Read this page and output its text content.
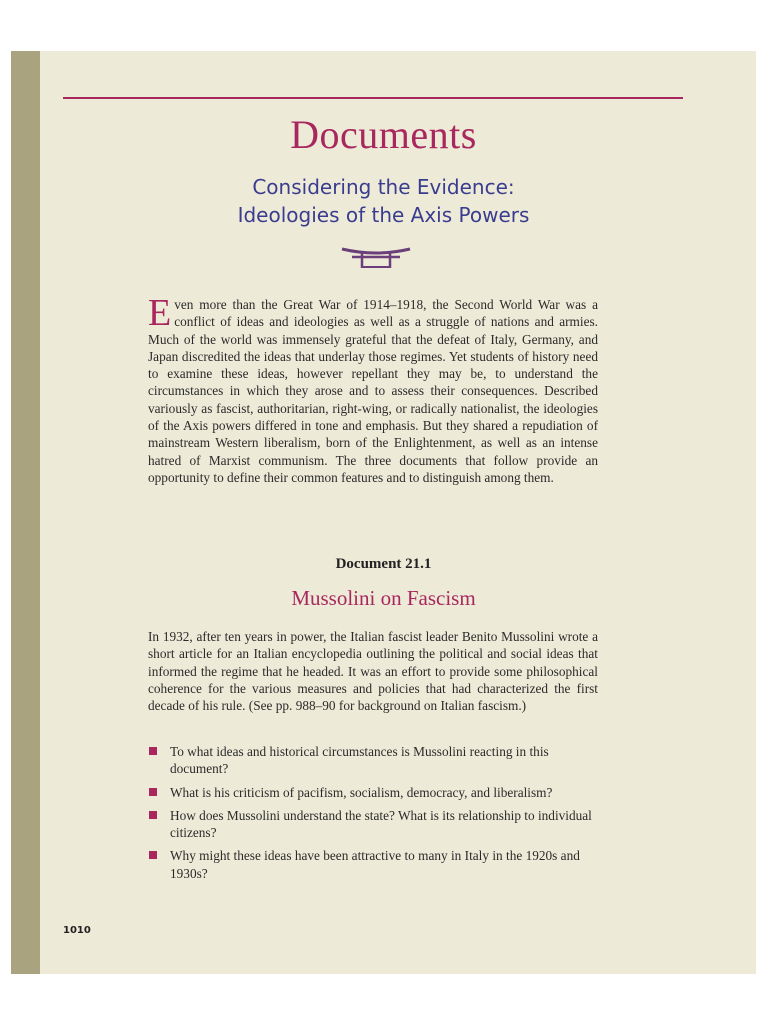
Documents
Considering the Evidence:
Ideologies of the Axis Powers
Even more than the Great War of 1914–1918, the Second World War was a conflict of ideas and ideologies as well as a struggle of nations and armies. Much of the world was immensely grateful that the defeat of Italy, Germany, and Japan discredited the ideas that underlay those regimes. Yet students of history need to examine these ideas, however repellant they may be, to understand the circumstances in which they arose and to assess their consequences. Described variously as fascist, authoritarian, right-wing, or radically nationalist, the ideologies of the Axis powers differed in tone and emphasis. But they shared a repudiation of mainstream Western liberalism, born of the Enlightenment, as well as an intense hatred of Marxist communism. The three documents that follow provide an opportunity to define their common features and to distinguish among them.
Document 21.1
Mussolini on Fascism
In 1932, after ten years in power, the Italian fascist leader Benito Mussolini wrote a short article for an Italian encyclopedia outlining the political and social ideas that informed the regime that he headed. It was an effort to provide some philosophical coherence for the various measures and policies that had characterized the first decade of his rule. (See pp. 988–90 for background on Italian fascism.)
To what ideas and historical circumstances is Mussolini reacting in this document?
What is his criticism of pacifism, socialism, democracy, and liberalism?
How does Mussolini understand the state? What is its relationship to individual citizens?
Why might these ideas have been attractive to many in Italy in the 1920s and 1930s?
1010
